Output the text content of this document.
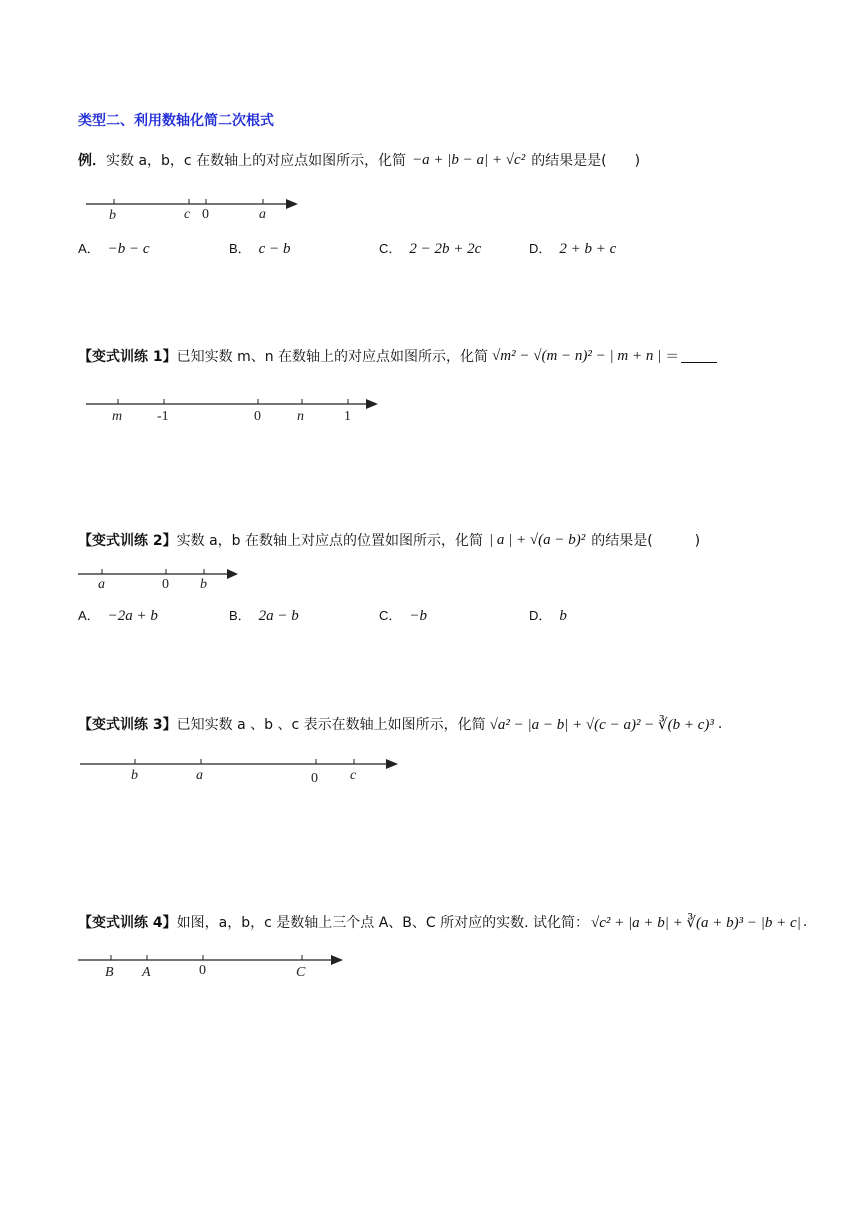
类型二、利用数轴化简二次根式
例． 实数 a，b，c 在数轴上的对应点如图所示，化简 −a + |b − a| + √c² 的结果是是(　　)
b	c 0	a
A． −b − c	B． c − b	C． 2 − 2b + 2c	D． 2 + b + c
【变式训练 1】 已知实数 m、n 在数轴上的对应点如图所示，化简 √m² − √(m − n)² − | m + n | ＝
m -1	0	n	1
【变式训练 2】 实数 a，b 在数轴上对应点的位置如图所示，化简 | a | + √(a − b)² 的结果是(　　　)
a	0 b
A． −2a + b	B． 2a − b	C． −b	D． b
【变式训练 3】 已知实数 a 、b 、c 表示在数轴上如图所示，化简 √a² − |a − b| + √(c − a)² − ∛(b + c)³ .
b	a	0 c
【变式训练 4】 如图，a，b，c 是数轴上三个点 A、B、C 所对应的实数. 试化简： √c² + |a + b| + ∛(a + b)³ − |b + c| .
B A	0	C
